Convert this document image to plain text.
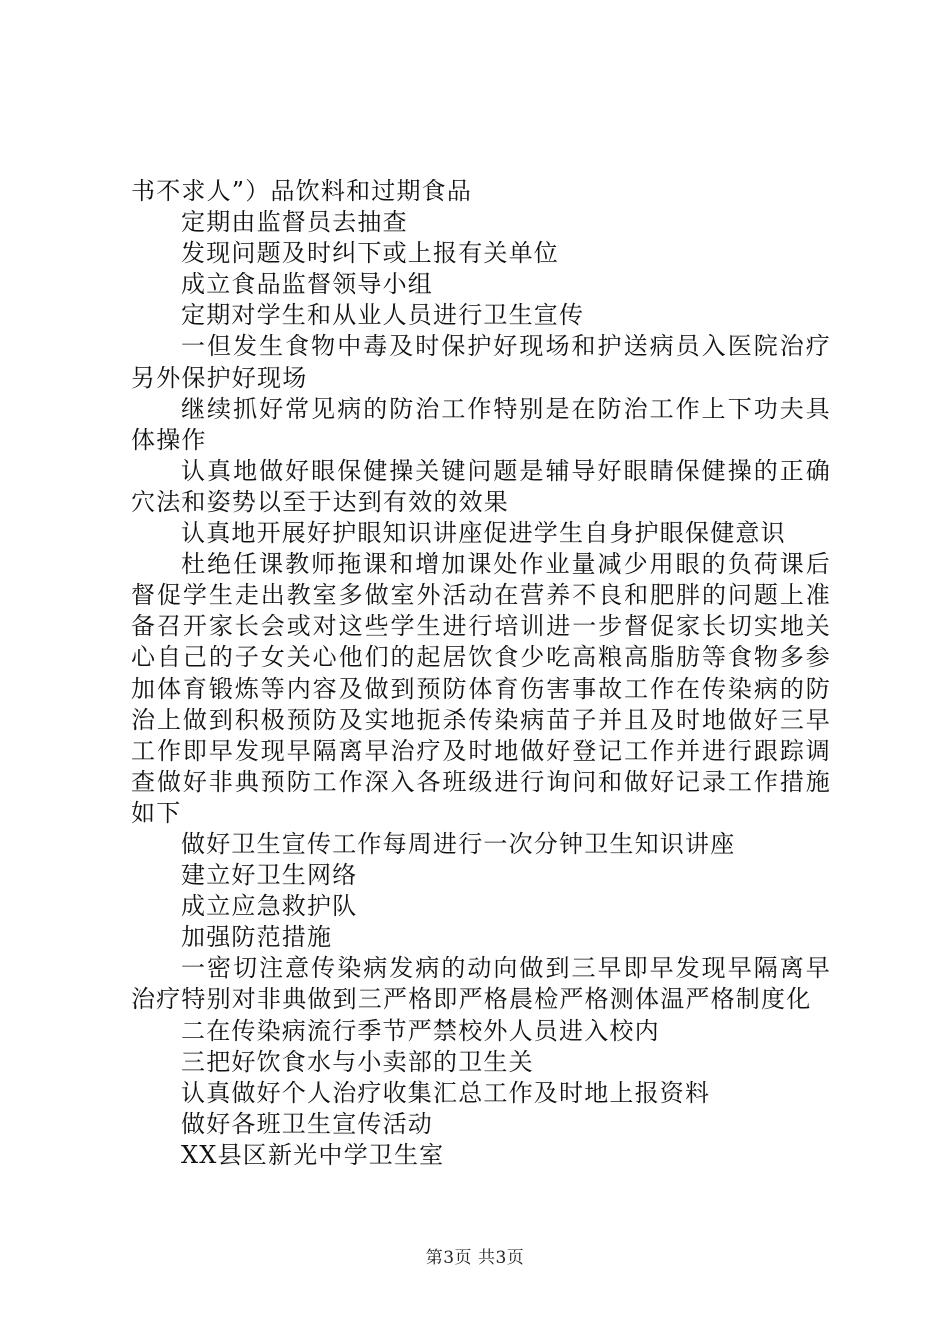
书不求人”）品饮料和过期食品

定期由监督员去抽查

发现问题及时纠下或上报有关单位

成立食品监督领导小组

定期对学生和从业人员进行卫生宣传

一但发生食物中毒及时保护好现场和护送病员入医院治疗另外保护好现场

继续抓好常见病的防治工作特别是在防治工作上下功夫具体操作

认真地做好眼保健操关键问题是辅导好眼睛保健操的正确穴法和姿势以至于达到有效的效果

认真地开展好护眼知识讲座促进学生自身护眼保健意识

杜绝任课教师拖课和增加课处作业量减少用眼的负荷课后督促学生走出教室多做室外活动在营养不良和肥胖的问题上准备召开家长会或对这些学生进行培训进一步督促家长切实地关心自己的子女关心他们的起居饮食少吃高粮高脂肪等食物多参加体育锻炼等内容及做到预防体育伤害事故工作在传染病的防治上做到积极预防及实地扼杀传染病苗子并且及时地做好三早工作即早发现早隔离早治疗及时地做好登记工作并进行跟踪调查做好非典预防工作深入各班级进行询问和做好记录工作措施如下

做好卫生宣传工作每周进行一次分钟卫生知识讲座

建立好卫生网络

成立应急救护队

加强防范措施

一密切注意传染病发病的动向做到三早即早发现早隔离早治疗特别对非典做到三严格即严格晨检严格测体温严格制度化

二在传染病流行季节严禁校外人员进入校内

三把好饮食水与小卖部的卫生关

认真做好个人治疗收集汇总工作及时地上报资料

做好各班卫生宣传活动

XX县区新光中学卫生室

第3页 共3页
